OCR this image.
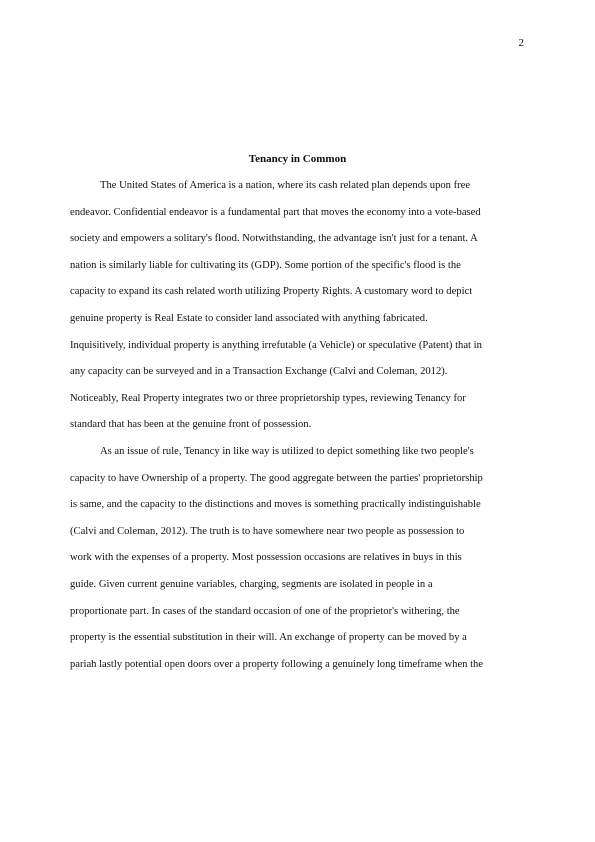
2
Tenancy in Common
The United States of America is a nation, where its cash related plan depends upon free
endeavor. Confidential endeavor is a fundamental part that moves the economy into a vote-based
society and empowers a solitary's flood. Notwithstanding, the advantage isn't just for a tenant. A
nation is similarly liable for cultivating its (GDP). Some portion of the specific's flood is the
capacity to expand its cash related worth utilizing Property Rights. A customary word to depict
genuine property is Real Estate to consider land associated with anything fabricated.
Inquisitively, individual property is anything irrefutable (a Vehicle) or speculative (Patent) that in
any capacity can be surveyed and in a Transaction Exchange (Calvi and Coleman, 2012).
Noticeably, Real Property integrates two or three proprietorship types, reviewing Tenancy for
standard that has been at the genuine front of possession.
As an issue of rule, Tenancy in like way is utilized to depict something like two people's
capacity to have Ownership of a property. The good aggregate between the parties' proprietorship
is same, and the capacity to the distinctions and moves is something practically indistinguishable
(Calvi and Coleman, 2012). The truth is to have somewhere near two people as possession to
work with the expenses of a property. Most possession occasions are relatives in buys in this
guide. Given current genuine variables, charging, segments are isolated in people in a
proportionate part. In cases of the standard occasion of one of the proprietor's withering, the
property is the essential substitution in their will. An exchange of property can be moved by a
pariah lastly potential open doors over a property following a genuinely long timeframe when the
